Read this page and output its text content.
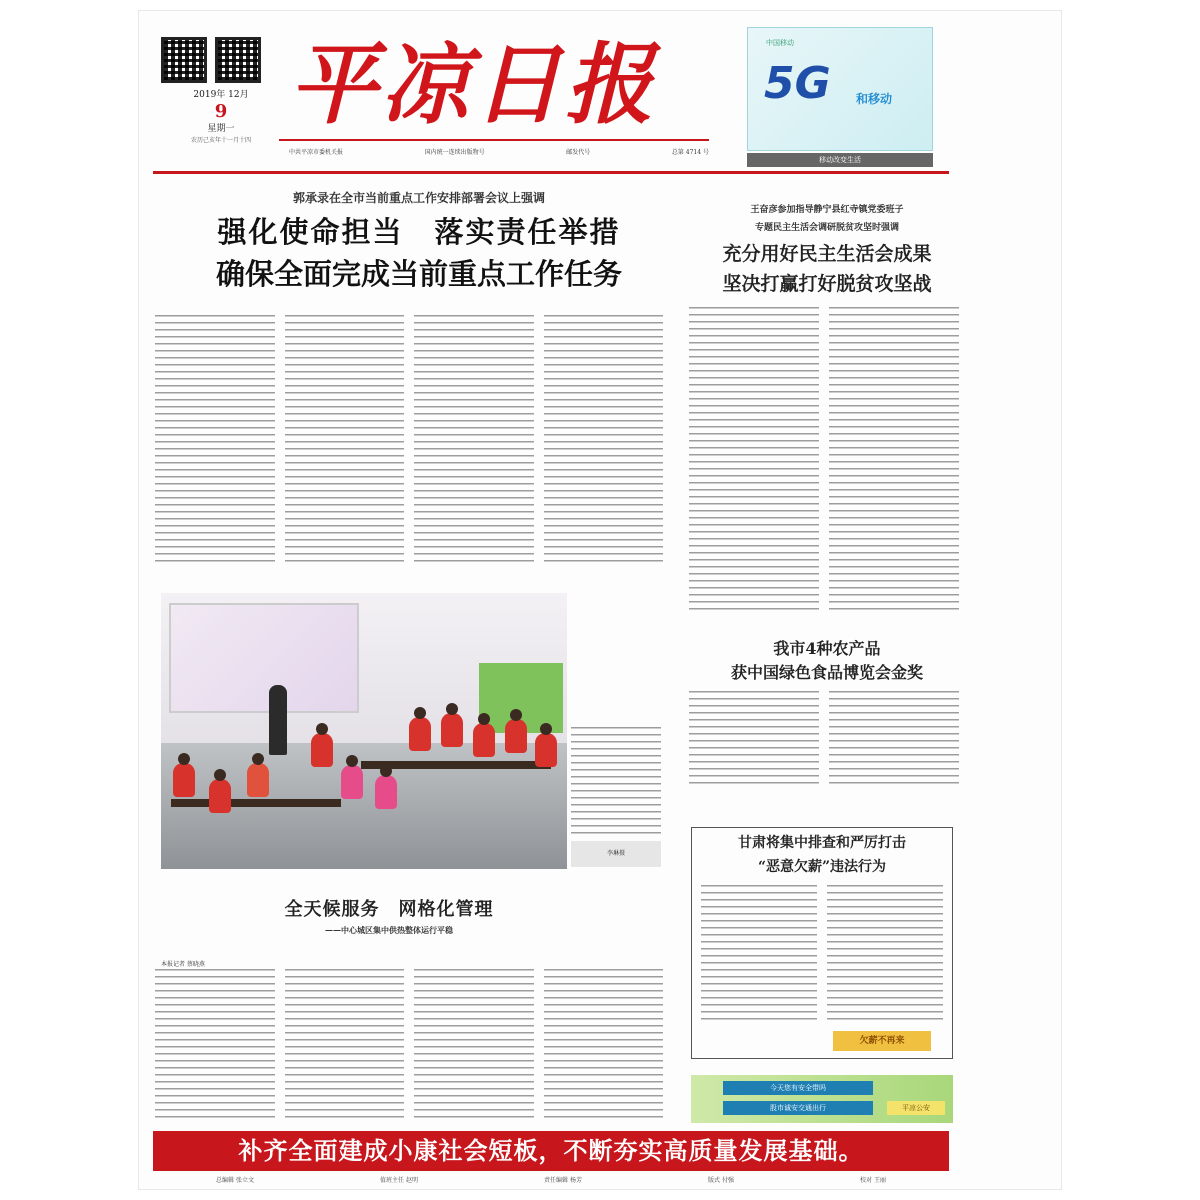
2019年 12月
9
星期一
农历己亥年十一月十四
平凉日报
中共平凉市委机关报	国内统一连续出版物号	邮发代号	总第 4714 号
中国移动
5G 和移动
移动改变生活
郭承录在全市当前重点工作安排部署会议上强调
强化使命担当　落实责任举措
确保全面完成当前重点工作任务
王奋彦参加指导静宁县红寺镇党委班子
专题民主生活会调研脱贫攻坚时强调
充分用好民主生活会成果
坚决打赢打好脱贫攻坚战
我市4种农产品
获中国绿色食品博览会金奖
李琳摄
全天候服务　网格化管理
——中心城区集中供热整体运行平稳
本报记者 蔡晓燕
甘肃将集中排查和严厉打击
“恶意欠薪”违法行为
欠薪不再来
今天您有安全带吗
股市诚安交通出行	平凉公安
补齐全面建成小康社会短板，不断夯实高质量发展基础。
总编辑 张立文	值班主任 赵明	责任编辑 杨芳	版式 付强	校对 王丽
